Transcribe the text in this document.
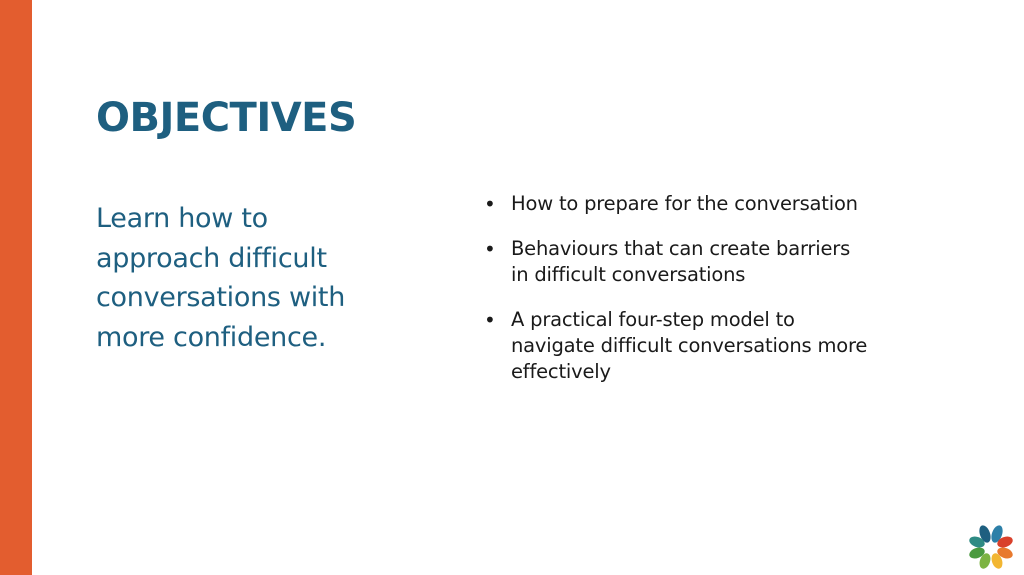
OBJECTIVES

Learn how to
approach difficult
conversations with
more confidence.

• How to prepare for the conversation
• Behaviours that can create barriers
in difficult conversations
• A practical four-step model to
navigate difficult conversations more
effectively
